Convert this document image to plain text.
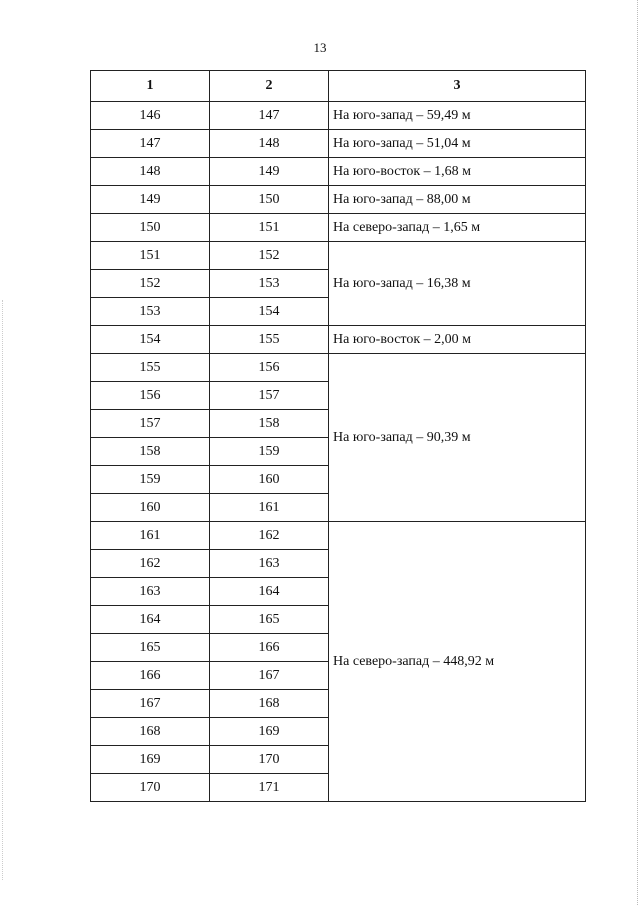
13
1	2	3
146	147	На юго-запад – 59,49 м
147	148	На юго-запад – 51,04 м
148	149	На юго-восток – 1,68 м
149	150	На юго-запад – 88,00 м
150	151	На северо-запад – 1,65 м
151	152	На юго-запад – 16,38 м
152	153	
153	154	
154	155	На юго-восток – 2,00 м
155	156	На юго-запад – 90,39 м
156	157	
157	158	
158	159	
159	160	
160	161	
161	162	На северо-запад – 448,92 м
162	163	
163	164	
164	165	
165	166	
166	167	
167	168	
168	169	
169	170	
170	171	
